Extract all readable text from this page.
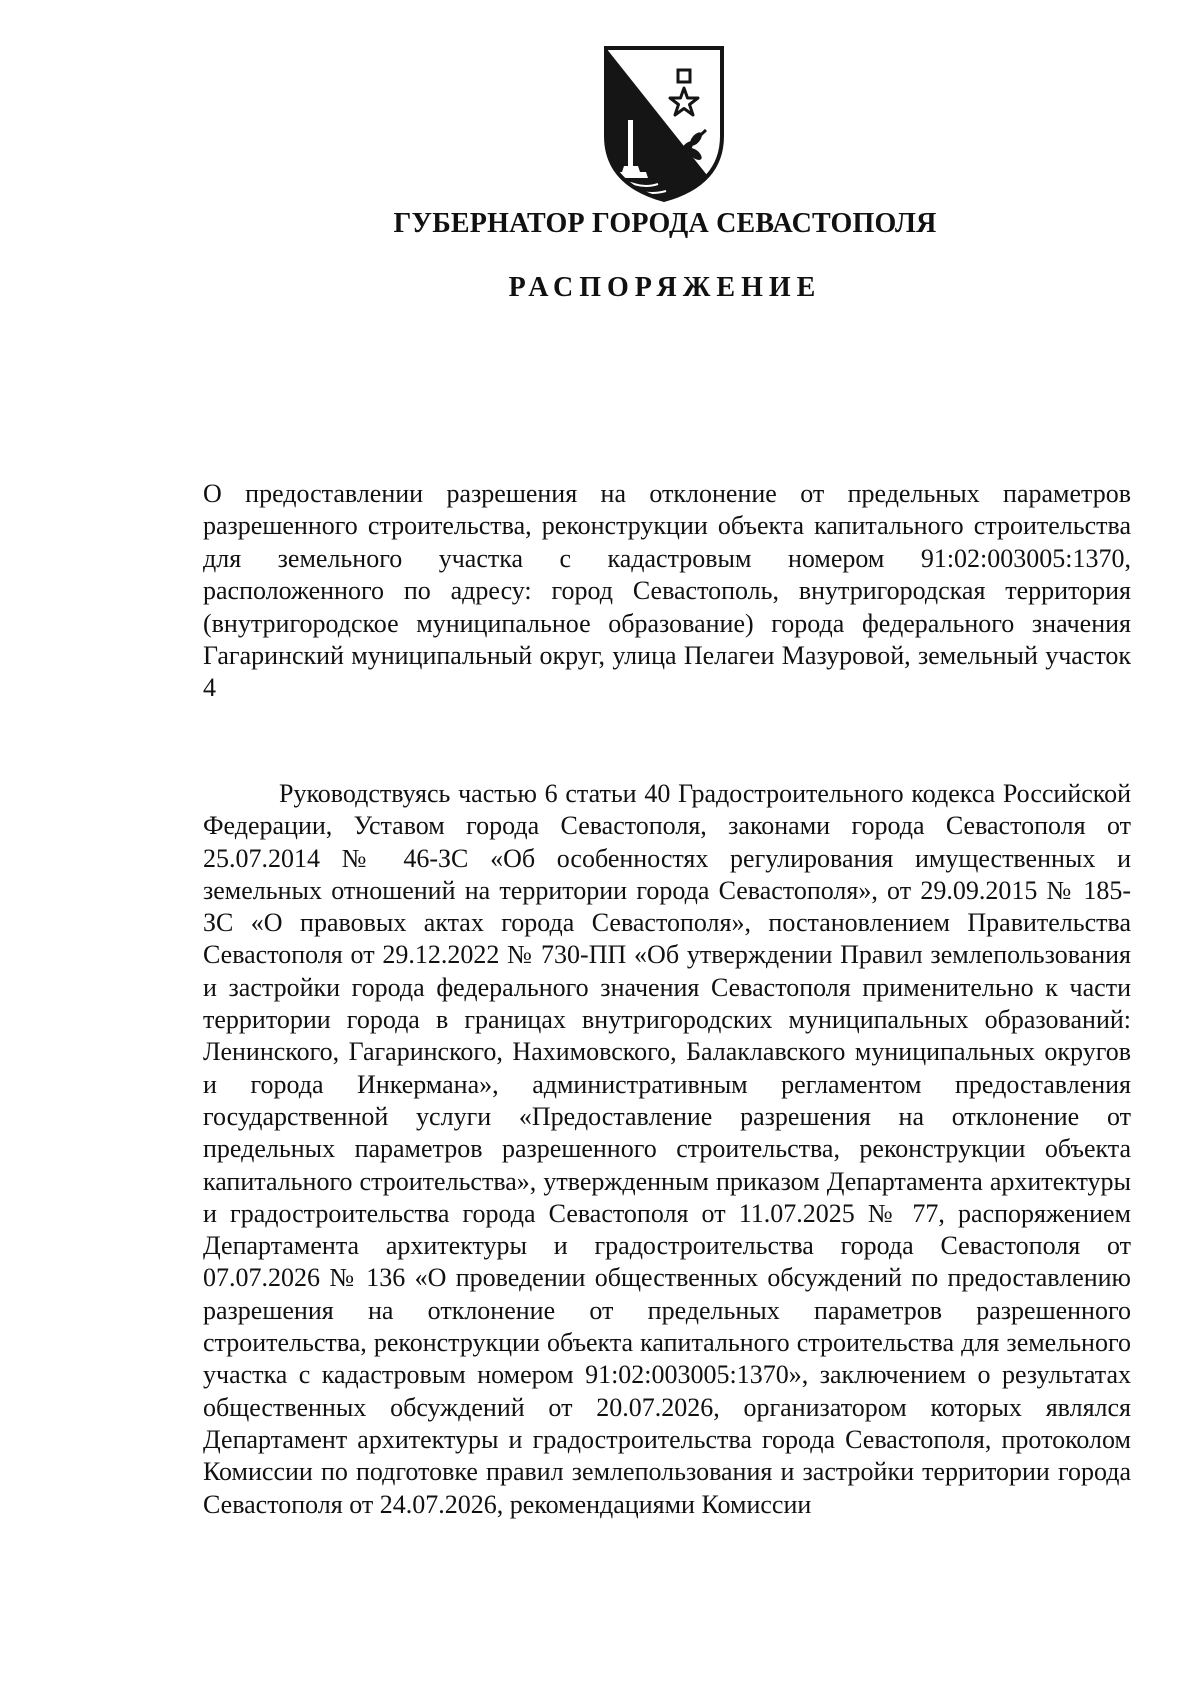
ГУБЕРНАТОР ГОРОДА СЕВАСТОПОЛЯ
РАСПОРЯЖЕНИЕ
О предоставлении разрешения на отклонение от предельных параметров разрешенного строительства, реконструкции объекта капитального строительства для земельного участка с кадастровым номером 91:02:003005:1370, расположенного по адресу: город Севастополь, внутригородская территория (внутригородское муниципальное образование) города федерального значения Гагаринский муниципальный округ, улица Пелагеи Мазуровой, земельный участок 4
Руководствуясь частью 6 статьи 40 Градостроительного кодекса Российской Федерации, Уставом города Севастополя, законами города Севастополя от 25.07.2014 № 46-ЗС «Об особенностях регулирования имущественных и земельных отношений на территории города Севастополя», от 29.09.2015 № 185-ЗС «О правовых актах города Севастополя», постановлением Правительства Севастополя от 29.12.2022 № 730-ПП «Об утверждении Правил землепользования и застройки города федерального значения Севастополя применительно к части территории города в границах внутригородских муниципальных образований: Ленинского, Гагаринского, Нахимовского, Балаклавского муниципальных округов и города Инкермана», административным регламентом предоставления государственной услуги «Предоставление разрешения на отклонение от предельных параметров разрешенного строительства, реконструкции объекта капитального строительства», утвержденным приказом Департамента архитектуры и градостроительства города Севастополя от 11.07.2025 № 77, распоряжением Департамента архитектуры и градостроительства города Севастополя от 07.07.2026 № 136 «О проведении общественных обсуждений по предоставлению разрешения на отклонение от предельных параметров разрешенного строительства, реконструкции объекта капитального строительства для земельного участка с кадастровым номером 91:02:003005:1370», заключением о результатах общественных обсуждений от 20.07.2026, организатором которых являлся Департамент архитектуры и градостроительства города Севастополя, протоколом Комиссии по подготовке правил землепользования и застройки территории города Севастополя от 24.07.2026, рекомендациями Комиссии
